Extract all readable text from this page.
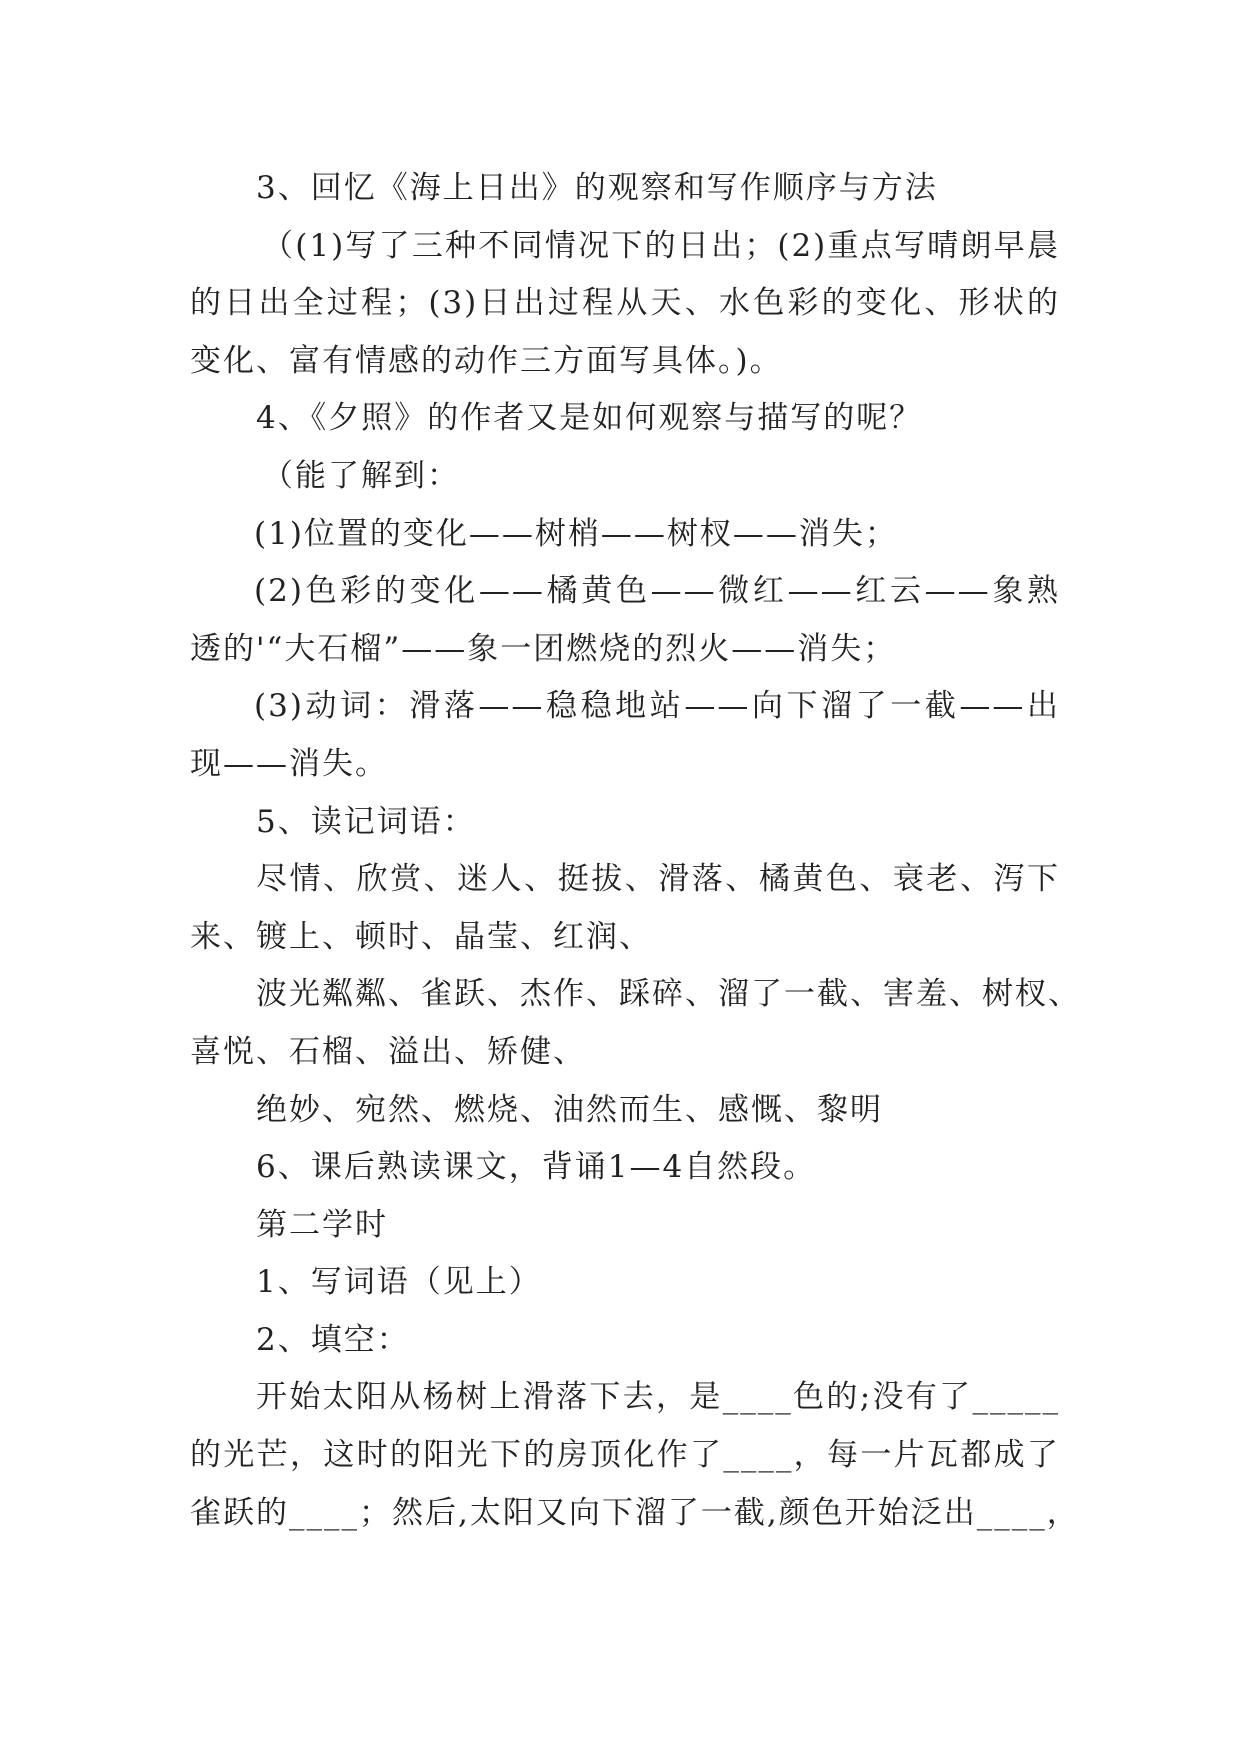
3、回忆《海上日出》的观察和写作顺序与方法
（(1)写了三种不同情况下的日出；(2)重点写晴朗早晨
的日出全过程；(3)日出过程从天、水色彩的变化、形状的
变化、富有情感的动作三方面写具体。)。
4、《夕照》的作者又是如何观察与描写的呢？
（能了解到：
(1)位置的变化——树梢——树杈——消失；
(2)色彩的变化——橘黄色——微红——红云——象熟
透的'“大石榴”——象一团燃烧的烈火——消失；
(3)动词：滑落——稳稳地站——向下溜了一截——出
现——消失。
5、读记词语：
尽情、欣赏、迷人、挺拔、滑落、橘黄色、衰老、泻下
来、镀上、顿时、晶莹、红润、
波光粼粼、雀跃、杰作、踩碎、溜了一截、害羞、树杈、
喜悦、石榴、溢出、矫健、
绝妙、宛然、燃烧、油然而生、感慨、黎明
6、课后熟读课文，背诵1—4自然段。
第二学时
1、写词语（见上）
2、填空：
开始太阳从杨树上滑落下去，是____色的;没有了_____
的光芒，这时的阳光下的房顶化作了____，每一片瓦都成了
雀跃的____；然后,太阳又向下溜了一截,颜色开始泛出____，
